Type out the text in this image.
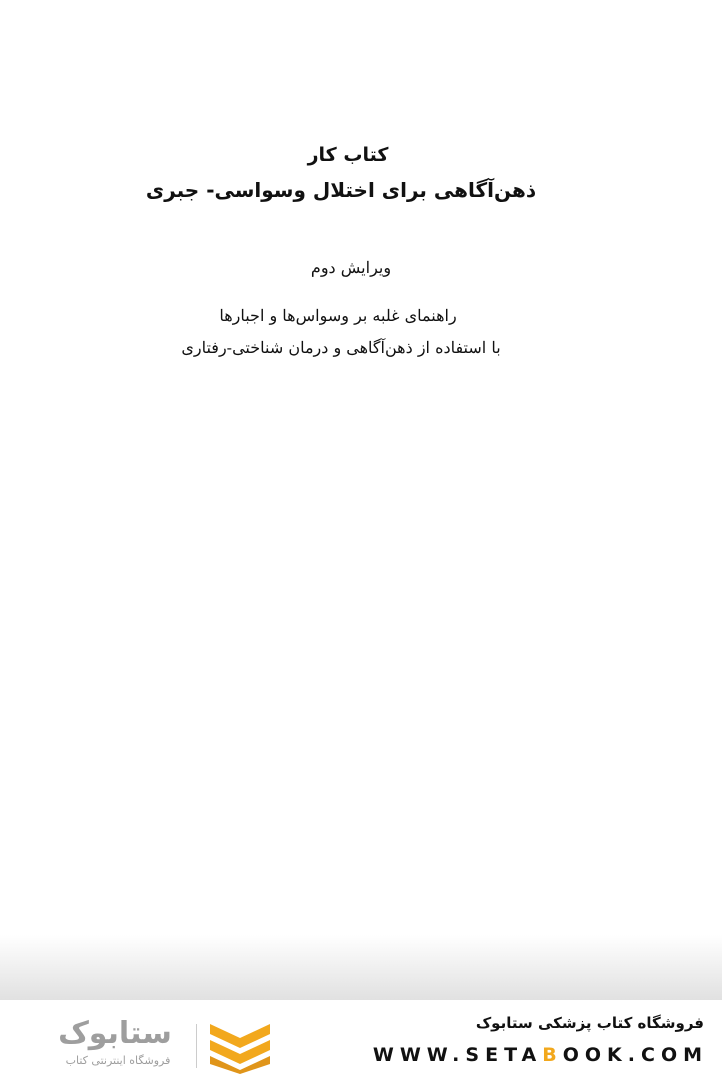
کتاب کار

ذهن‌آگاهی برای اختلال وسواسی- جبری

ویرایش دوم

راهنمای غلبه بر وسواس‌ها و اجبارها
با استفاده از ذهن‌آگاهی و درمان شناختی-رفتاری
ستابوک
فروشگاه اینترنتی کتاب

فروشگاه کتاب پزشکی ستابوک

WWW.SETABOOK.COM
